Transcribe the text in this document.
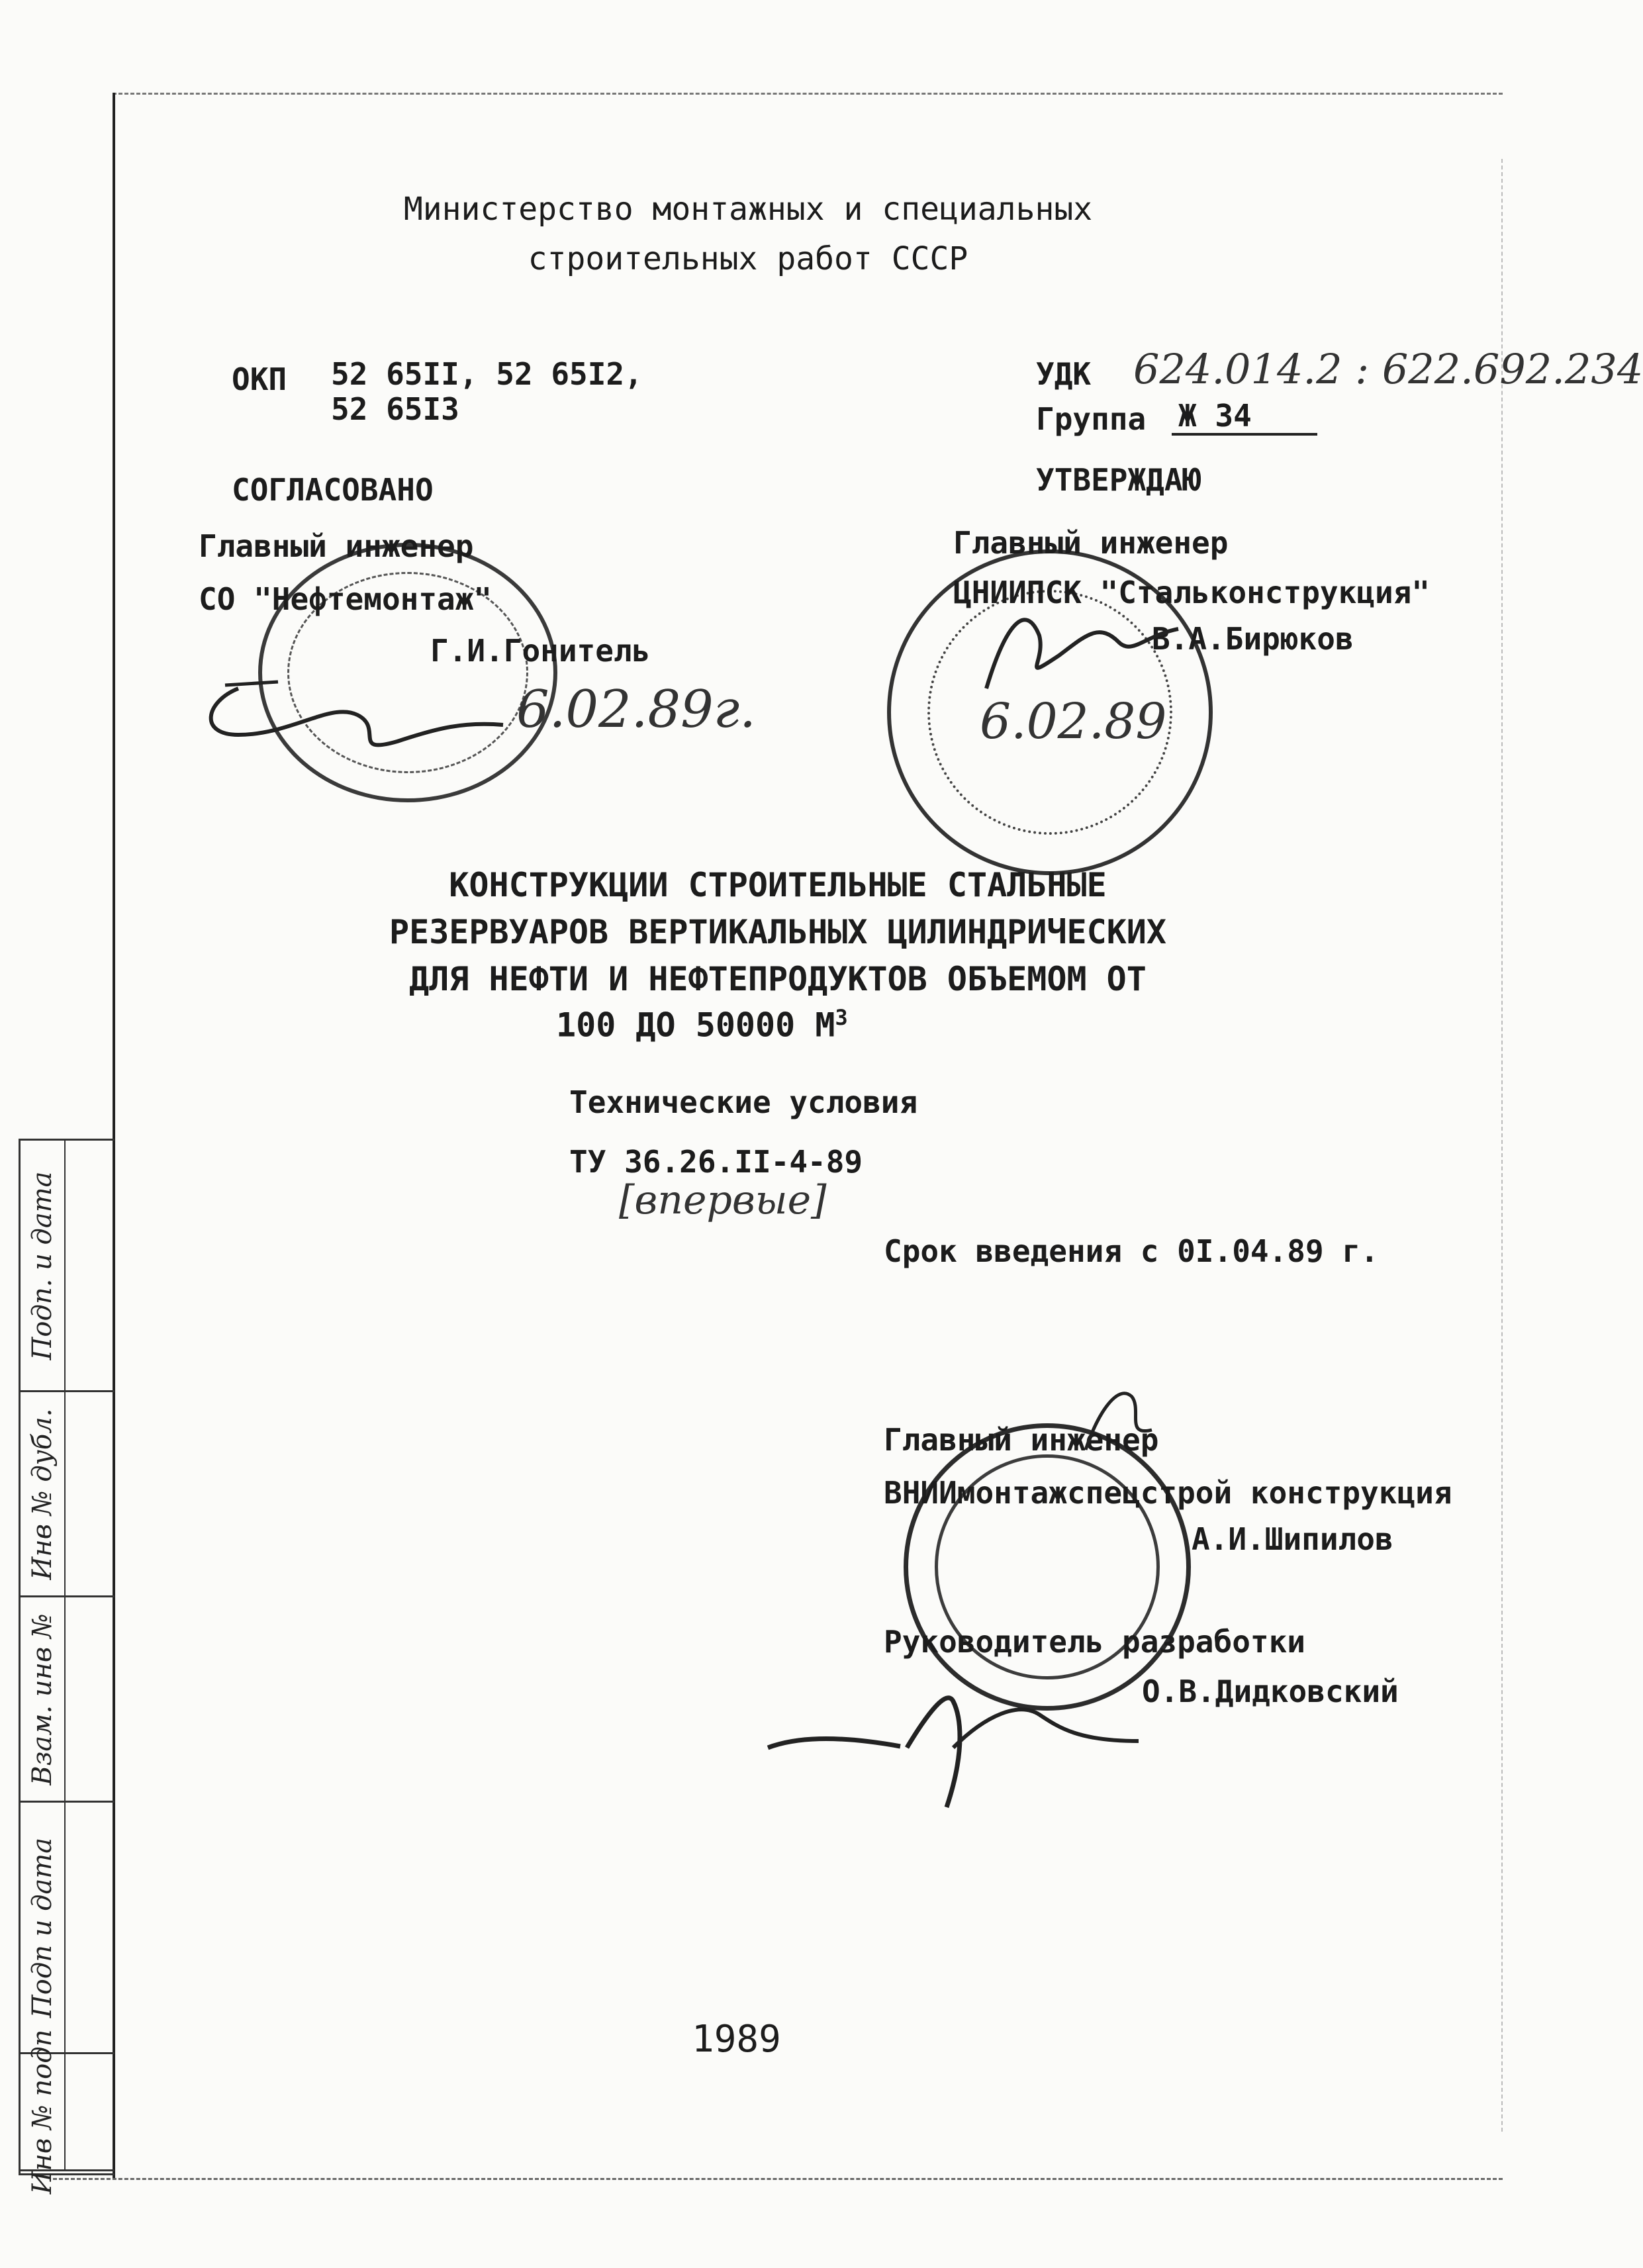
Министерство монтажных и специальных
строительных работ СССР
ОКП 52 65II, 52 65I2,
52 65I3
УДК 624.014.2 : 622.692.234
Группа Ж 34
СОГЛАСОВАНО
Главный инженер
СО "Нефтемонтаж"
Г.И.Гонитель
6.02.89г.
УТВЕРЖДАЮ
Главный инженер
ЦНИИПСК "Стальконструкция"
В.А.Бирюков
6.02.89
КОНСТРУКЦИИ СТРОИТЕЛЬНЫЕ СТАЛЬНЫЕ
РЕЗЕРВУАРОВ ВЕРТИКАЛЬНЫХ ЦИЛИНДРИЧЕСКИХ
ДЛЯ НЕФТИ И НЕФТЕПРОДУКТОВ ОБЪЕМОМ ОТ
100 ДО 50000 $М^3$
Технические условия
ТУ 36.26.II-4-89
[впервые]
Срок введения с 0I.04.89 г.
Главный инженер
ВНИИмонтажспецстрой конструкция
А.И.Шипилов
Руководитель разработки
О.В.Дидковский
1989
Подп. и дата
Инв № дубл.
Взам. инв №
Подп и дата
Инв № подп
